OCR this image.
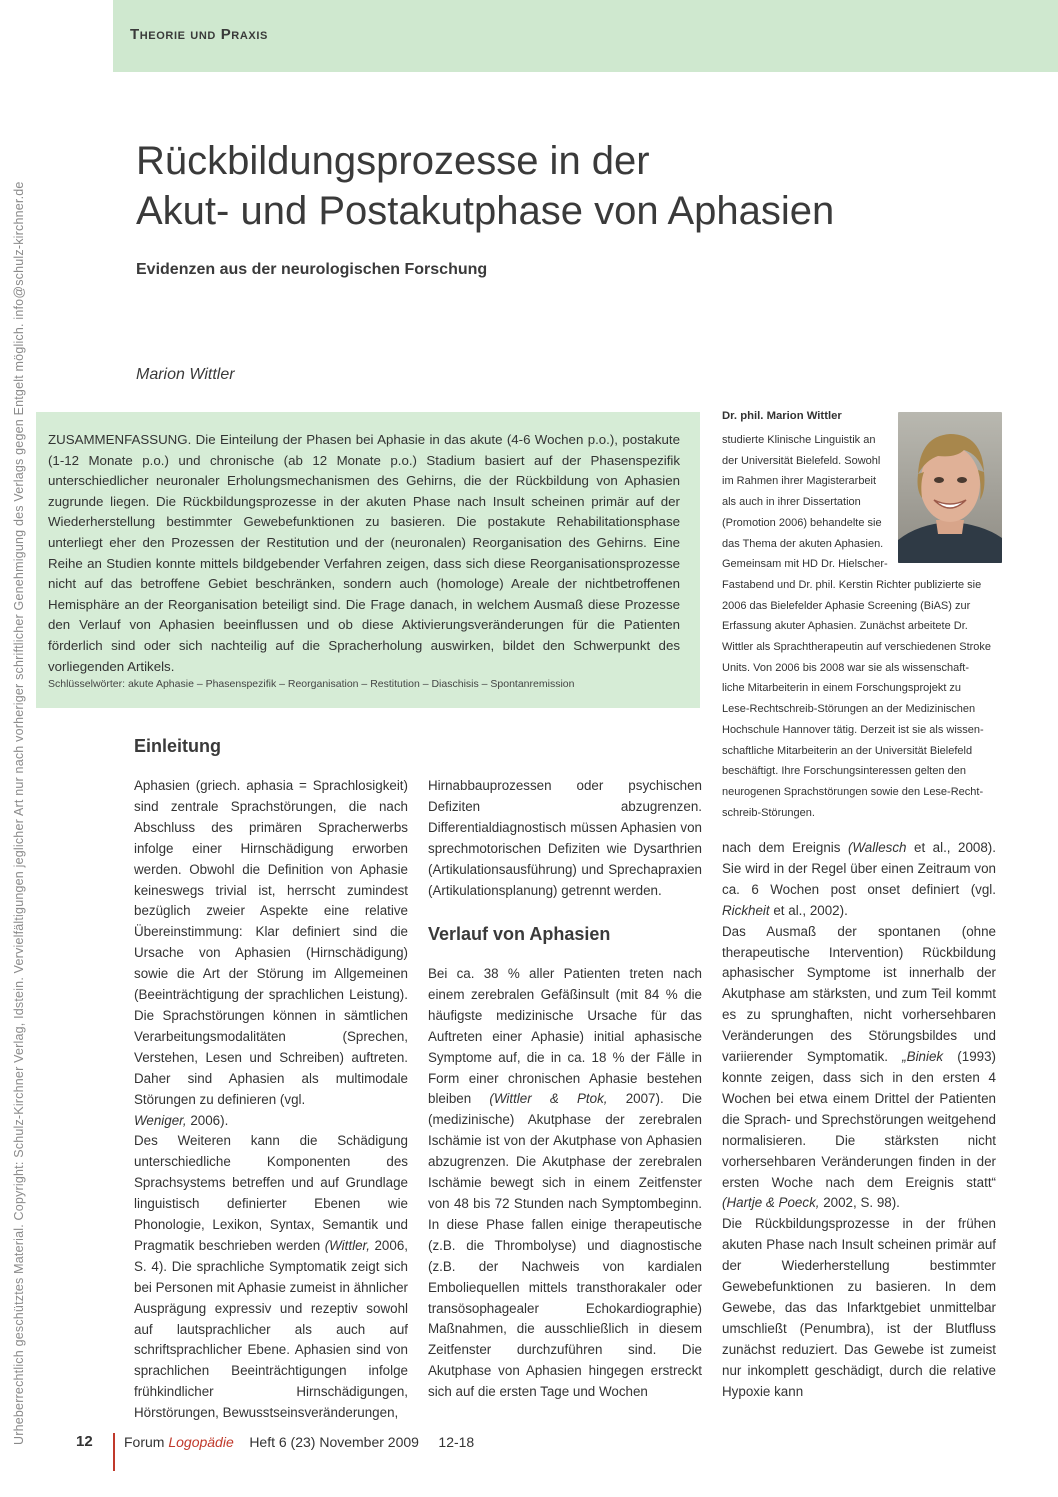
Theorie und Praxis
Urheberrechtlich geschütztes Material. Copyright: Schulz-Kirchner Verlag, Idstein. Vervielfältigungen jeglicher Art nur nach vorheriger schriftlicher Genehmigung des Verlags gegen Entgelt möglich. info@schulz-kirchner.de
Rückbildungsprozesse in der
Akut- und Postakutphase von Aphasien
Evidenzen aus der neurologischen Forschung
Marion Wittler
ZUSAMMENFASSUNG. Die Einteilung der Phasen bei Aphasie in das akute (4-6 Wochen p.o.), postakute (1-12 Monate p.o.) und chronische (ab 12 Monate p.o.) Stadium basiert auf der Phasenspezifik unterschiedlicher neuronaler Erholungsmechanismen des Gehirns, die der Rückbildung von Aphasien zugrunde liegen. Die Rückbildungsprozesse in der akuten Phase nach Insult scheinen primär auf der Wiederherstellung bestimmter Gewebefunktionen zu basieren. Die postakute Rehabilitationsphase unterliegt eher den Prozessen der Restitution und der (neuronalen) Reorganisation des Gehirns. Eine Reihe an Studien konnte mittels bildgebender Verfahren zeigen, dass sich diese Reorganisationsprozesse nicht auf das betroffene Gebiet beschränken, sondern auch (homologe) Areale der nichtbetroffenen Hemisphäre an der Reorganisation beteiligt sind. Die Frage danach, in welchem Ausmaß diese Prozesse den Verlauf von Aphasien beeinflussen und ob diese Aktivierungsveränderungen für die Patienten förderlich sind oder sich nachteilig auf die Spracherholung auswirken, bildet den Schwerpunkt des vorliegenden Artikels.
Schlüsselwörter: akute Aphasie – Phasenspezifik – Reorganisation – Restitution – Diaschisis – Spontanremission
Dr. phil. Marion Wittler
studierte Klinische Linguistik an
der Universität Bielefeld. Sowohl
im Rahmen ihrer Magisterarbeit
als auch in ihrer Dissertation
(Promotion 2006) behandelte sie
das Thema der akuten Aphasien.
Gemeinsam mit HD Dr. Hielscher-
Fastabend und Dr. phil. Kerstin Richter publizierte sie
2006 das Bielefelder Aphasie Screening (BiAS) zur
Erfassung akuter Aphasien. Zunächst arbeitete Dr.
Wittler als Sprachtherapeutin auf verschiedenen Stroke
Units. Von 2006 bis 2008 war sie als wissenschaft-
liche Mitarbeiterin in einem Forschungsprojekt zu
Lese-Rechtschreib-Störungen an der Medizinischen
Hochschule Hannover tätig. Derzeit ist sie als wissen-
schaftliche Mitarbeiterin an der Universität Bielefeld
beschäftigt. Ihre Forschungsinteressen gelten den
neurogenen Sprachstörungen sowie den Lese-Recht-
schreib-Störungen.
Einleitung

Aphasien (griech. aphasia = Sprachlosigkeit) sind zentrale Sprachstörungen, die nach Abschluss des primären Spracherwerbs infolge einer Hirnschädigung erworben werden. Obwohl die Definition von Aphasie keineswegs trivial ist, herrscht zumindest bezüglich zweier Aspekte eine relative Übereinstimmung: Klar definiert sind die Ursache von Aphasien (Hirnschädigung) sowie die Art der Störung im Allgemeinen (Beeinträchtigung der sprachlichen Leistung). Die Sprachstörungen können in sämtlichen Verarbeitungsmodalitäten (Sprechen, Verstehen, Lesen und Schreiben) auftreten. Daher sind Aphasien als multimodale Störungen zu definieren (vgl.
Weniger, 2006).

Des Weiteren kann die Schädigung unterschiedliche Komponenten des Sprachsystems betreffen und auf Grundlage linguistisch definierter Ebenen wie Phonologie, Lexikon, Syntax, Semantik und Pragmatik beschrieben werden (Wittler, 2006, S. 4). Die sprachliche Symptomatik zeigt sich bei Personen mit Aphasie zumeist in ähnlicher Ausprägung expressiv und rezeptiv sowohl auf lautsprachlicher als auch auf schriftsprachlicher Ebene. Aphasien sind von sprachlichen Beeinträchtigungen infolge frühkindlicher Hirnschädigungen, Hörstörungen, Bewusstseinsveränderungen,

Hirnabbauprozessen oder psychischen Defiziten abzugrenzen. Differentialdiagnostisch müssen Aphasien von sprechmotorischen Defiziten wie Dysarthrien (Artikulationsausführung) und Sprechapraxien (Artikulationsplanung) getrennt werden.

Verlauf von Aphasien

Bei ca. 38 % aller Patienten treten nach einem zerebralen Gefäßinsult (mit 84 % die häufigste medizinische Ursache für das Auftreten einer Aphasie) initial aphasische Symptome auf, die in ca. 18 % der Fälle in Form einer chronischen Aphasie bestehen bleiben (Wittler & Ptok, 2007). Die (medizinische) Akutphase der zerebralen Ischämie ist von der Akutphase von Aphasien abzugrenzen. Die Akutphase der zerebralen Ischämie bewegt sich in einem Zeitfenster von 48 bis 72 Stunden nach Symptombeginn. In diese Phase fallen einige therapeutische (z.B. die Thrombolyse) und diagnostische (z.B. der Nachweis von kardialen Emboliequellen mittels transthorakaler oder transösophagealer Echokardiographie) Maßnahmen, die ausschließlich in diesem Zeitfenster durchzuführen sind. Die Akutphase von Aphasien hingegen erstreckt sich auf die ersten Tage und Wochen

nach dem Ereignis (Wallesch et al., 2008). Sie wird in der Regel über einen Zeitraum von ca. 6 Wochen post onset definiert (vgl. Rickheit et al., 2002).

Das Ausmaß der spontanen (ohne therapeutische Intervention) Rückbildung aphasischer Symptome ist innerhalb der Akutphase am stärksten, und zum Teil kommt es zu sprunghaften, nicht vorhersehbaren Veränderungen des Störungsbildes und variierender Symptomatik. „Biniek (1993) konnte zeigen, dass sich in den ersten 4 Wochen bei etwa einem Drittel der Patienten die Sprach- und Sprechstörungen weitgehend normalisieren. Die stärksten nicht vorhersehbaren Veränderungen finden in der ersten Woche nach dem Ereignis statt“ (Hartje & Poeck, 2002, S. 98).

Die Rückbildungsprozesse in der frühen akuten Phase nach Insult scheinen primär auf der Wiederherstellung bestimmter Gewebefunktionen zu basieren. In dem Gewebe, das das Infarktgebiet unmittelbar umschließt (Penumbra), ist der Blutfluss zunächst reduziert. Das Gewebe ist zumeist nur inkomplett geschädigt, durch die relative Hypoxie kann

12 Forum Logopädie Heft 6 (23) November 2009 12-18
